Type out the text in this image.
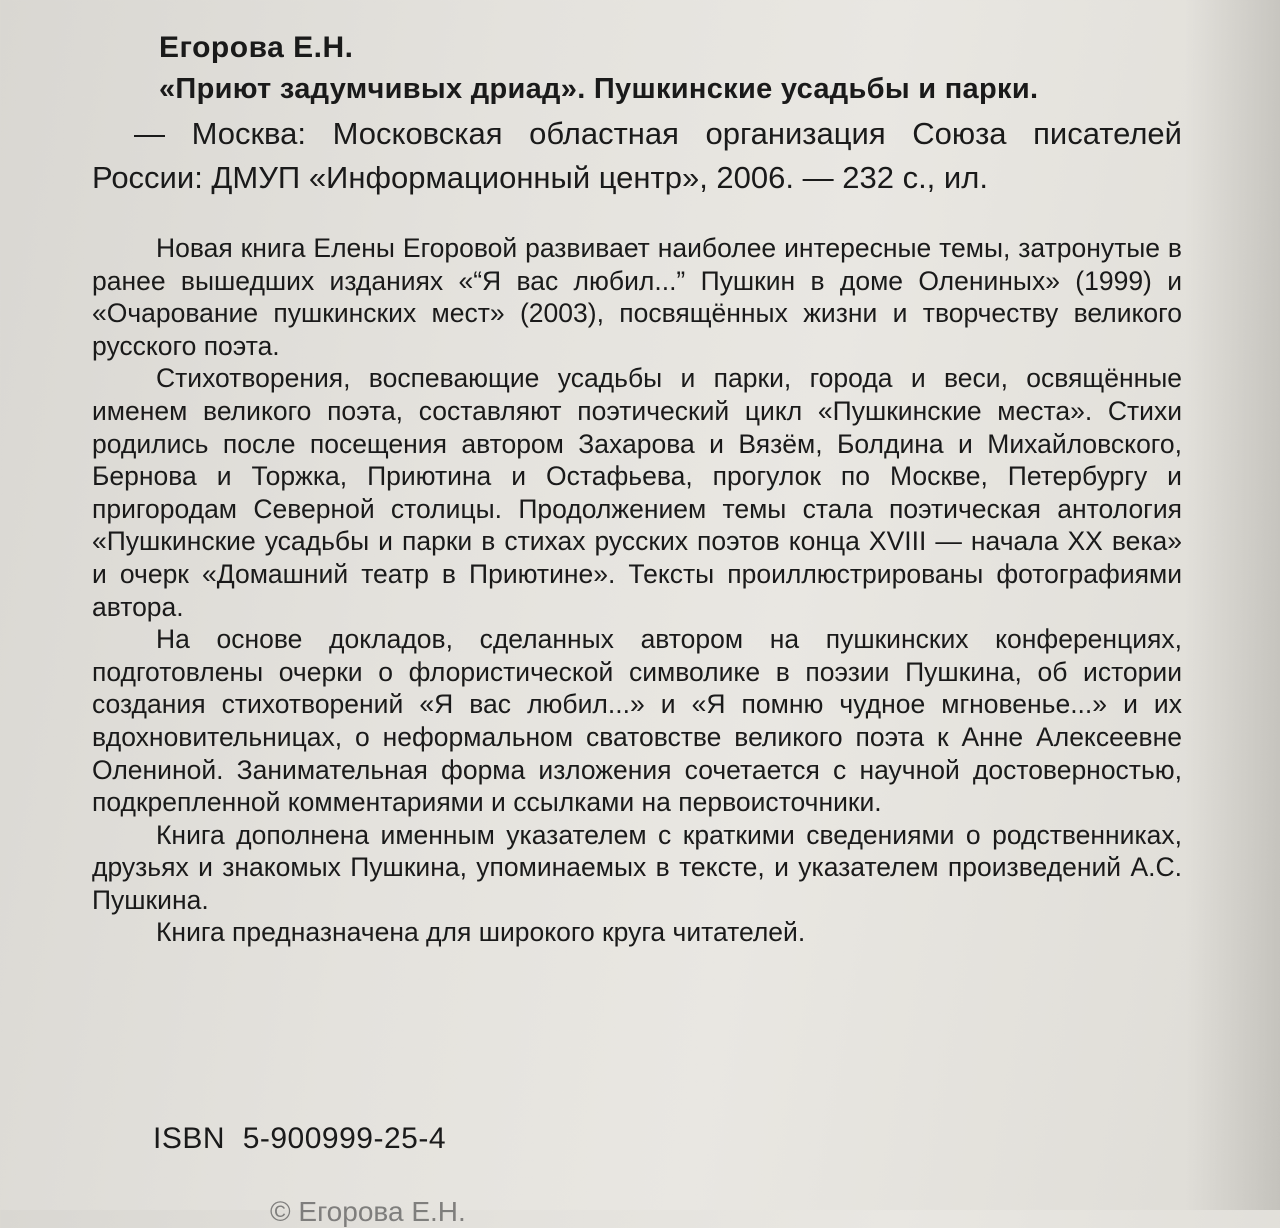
Егорова Е.Н.
«Приют задумчивых дриад». Пушкинские усадьбы и парки.
— Москва: Московская областная организация Союза писателей России: ДМУП «Информационный центр», 2006. — 232 с., ил.

Новая книга Елены Егоровой развивает наиболее интересные темы, затронутые в ранее вышедших изданиях «“Я вас любил...” Пушкин в доме Олениных» (1999) и «Очарование пушкинских мест» (2003), посвящённых жизни и творчеству великого русского поэта.

Стихотворения, воспевающие усадьбы и парки, города и веси, освящённые именем великого поэта, составляют поэтический цикл «Пушкинские места». Стихи родились после посещения автором Захарова и Вязём, Болдина и Михайловского, Бернова и Торжка, Приютина и Остафьева, прогулок по Москве, Петербургу и пригородам Северной столицы. Продолжением темы стала поэтическая антология «Пушкинские усадьбы и парки в стихах русских поэтов конца XVIII — начала XX века» и очерк «Домашний театр в Приютине». Тексты проиллюстрированы фотографиями автора.

На основе докладов, сделанных автором на пушкинских конференциях, подготовлены очерки о флористической символике в поэзии Пушкина, об истории создания стихотворений «Я вас любил...» и «Я помню чудное мгновенье...» и их вдохновительницах, о неформальном сватовстве великого поэта к Анне Алексеевне Олениной. Занимательная форма изложения сочетается с научной достоверностью, подкрепленной комментариями и ссылками на первоисточники.

Книга дополнена именным указателем с краткими сведениями о родственниках, друзьях и знакомых Пушкина, упоминаемых в тексте, и указателем произведений А.С. Пушкина.

Книга предназначена для широкого круга читателей.

ISBN  5-900999-25-4
© Егорова Е.Н.
